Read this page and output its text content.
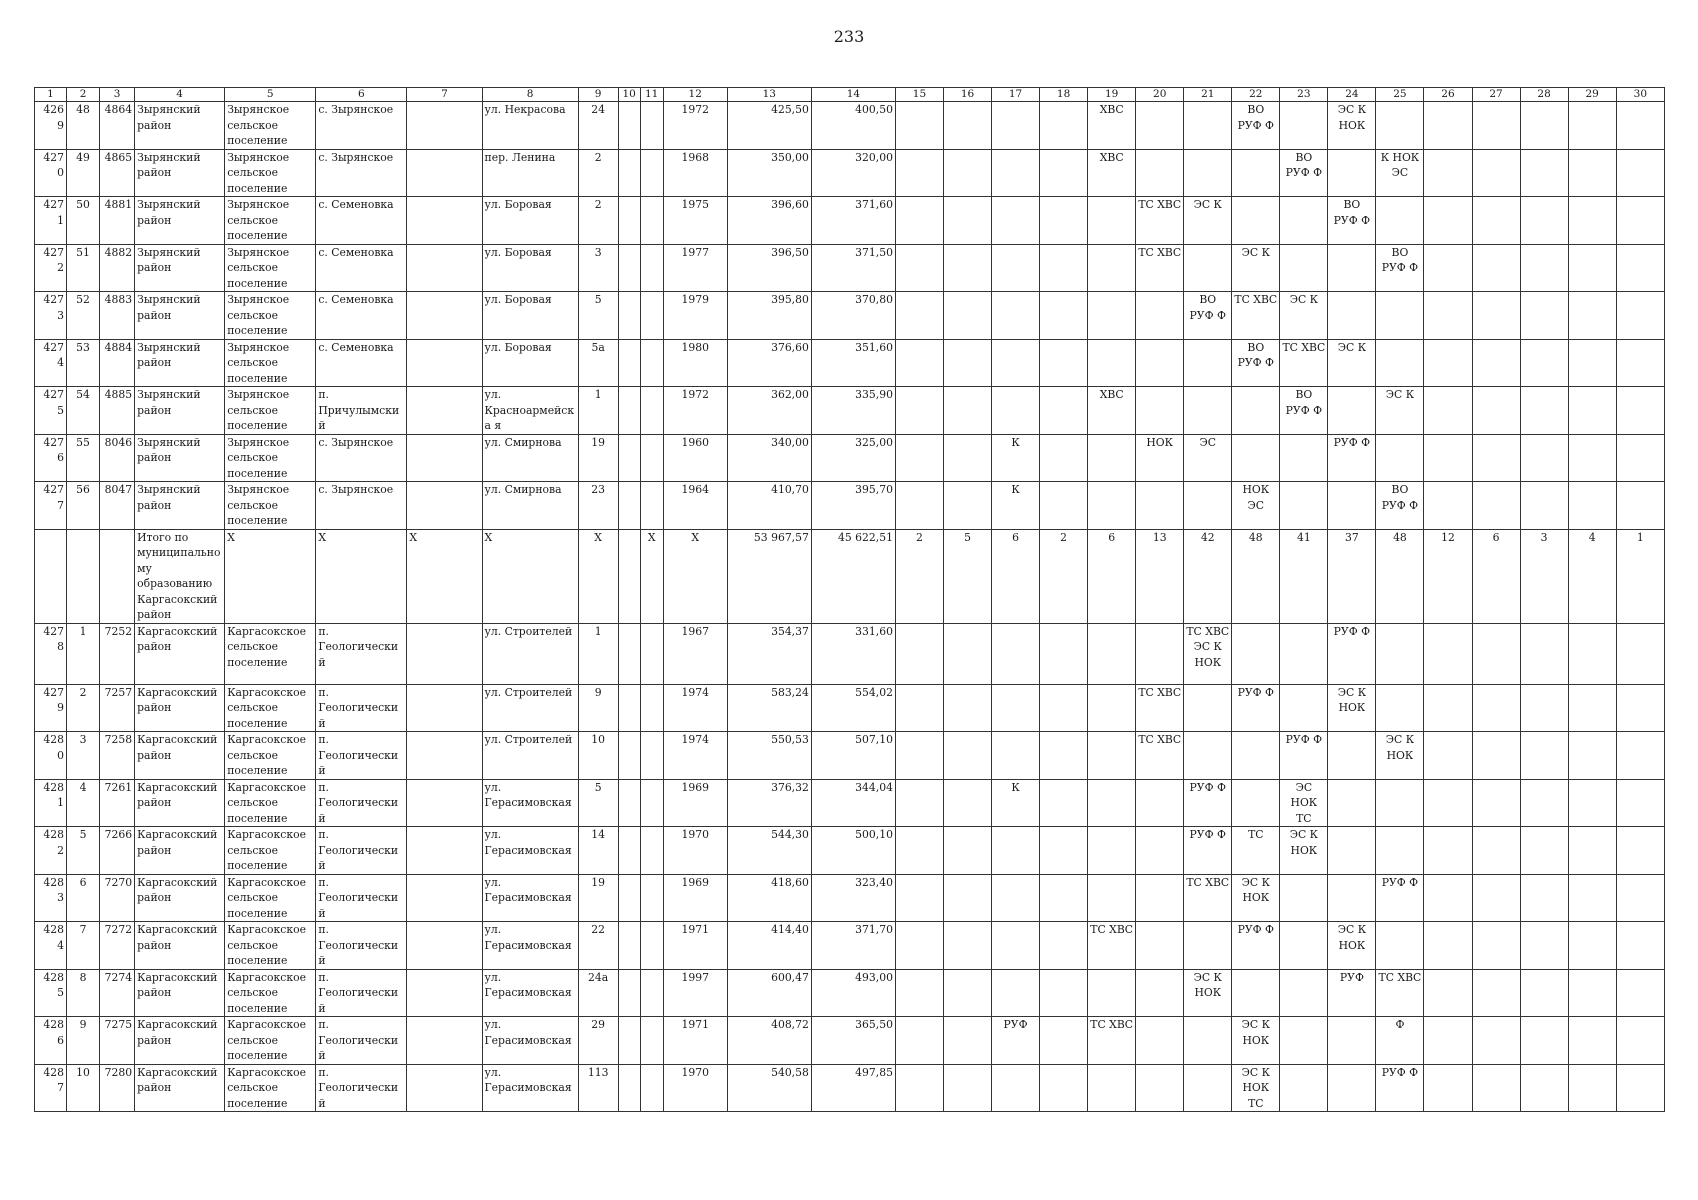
233
1	2	3	4	5	6	7	8	9	10	11	12	13	14	15	16	17	18	19	20	21	22	23	24	25	26	27	28	29	30
4269	48	4864	Зырянский район	Зырянское сельское поселение	с. Зырянское		ул. Некрасова	24			1972	425,50	400,50					ХВС			ВО РУФ Ф		ЭС К НОК						
4270	49	4865	Зырянский район	Зырянское сельское поселение	с. Зырянское		пер. Ленина	2			1968	350,00	320,00					ХВС				ВО РУФ Ф		К НОК ЭС					
4271	50	4881	Зырянский район	Зырянское сельское поселение	с. Семеновка		ул. Боровая	2			1975	396,60	371,60						ТС ХВС	ЭС К			ВО РУФ Ф						
4272	51	4882	Зырянский район	Зырянское сельское поселение	с. Семеновка		ул. Боровая	3			1977	396,50	371,50						ТС ХВС		ЭС К			ВО РУФ Ф					
4273	52	4883	Зырянский район	Зырянское сельское поселение	с. Семеновка		ул. Боровая	5			1979	395,80	370,80							ВО РУФ Ф	ТС ХВС	ЭС К							
4274	53	4884	Зырянский район	Зырянское сельское поселение	с. Семеновка		ул. Боровая	5а			1980	376,60	351,60								ВО РУФ Ф	ТС ХВС	ЭС К						
4275	54	4885	Зырянский район	Зырянское сельское поселение	п. Причулымский		ул. Красноармейска я	1			1972	362,00	335,90					ХВС				ВО РУФ Ф		ЭС К					
4276	55	8046	Зырянский район	Зырянское сельское поселение	с. Зырянское		ул. Смирнова	19			1960	340,00	325,00			К			НОК	ЭС			РУФ Ф						
4277	56	8047	Зырянский район	Зырянское сельское поселение	с. Зырянское		ул. Смирнова	23			1964	410,70	395,70			К					НОК ЭС			ВО РУФ Ф					
			Итого по муниципально му образованию Каргасокский район	Х	Х	Х	Х	Х		Х	Х	53 967,57	45 622,51	2	5	6	2	6	13	42	48	41	37	48	12	6	3	4	1
4278	1	7252	Каргасокский район	Каргасокское сельское поселение	п. Геологический		ул. Строителей	1			1967	354,37	331,60							ТС ХВС ЭС К НОК			РУФ Ф						
4279	2	7257	Каргасокский район	Каргасокское сельское поселение	п. Геологический		ул. Строителей	9			1974	583,24	554,02						ТС ХВС		РУФ Ф		ЭС К НОК						
4280	3	7258	Каргасокский район	Каргасокское сельское поселение	п. Геологический		ул. Строителей	10			1974	550,53	507,10						ТС ХВС			РУФ Ф		ЭС К НОК					
4281	4	7261	Каргасокский район	Каргасокское сельское поселение	п. Геологический		ул. Герасимовская	5			1969	376,32	344,04			К				РУФ Ф		ЭС НОК ТС							
4282	5	7266	Каргасокский район	Каргасокское сельское поселение	п. Геологический		ул. Герасимовская	14			1970	544,30	500,10							РУФ Ф	ТС	ЭС К НОК							
4283	6	7270	Каргасокский район	Каргасокское сельское поселение	п. Геологический		ул. Герасимовская	19			1969	418,60	323,40							ТС ХВС	ЭС К НОК			РУФ Ф					
4284	7	7272	Каргасокский район	Каргасокское сельское поселение	п. Геологический		ул. Герасимовская	22			1971	414,40	371,70					ТС ХВС			РУФ Ф		ЭС К НОК						
4285	8	7274	Каргасокский район	Каргасокское сельское поселение	п. Геологический		ул. Герасимовская	24а			1997	600,47	493,00							ЭС К НОК			РУФ	ТС ХВС					
4286	9	7275	Каргасокский район	Каргасокское сельское поселение	п. Геологический		ул. Герасимовская	29			1971	408,72	365,50			РУФ		ТС ХВС			ЭС К НОК			Ф					
4287	10	7280	Каргасокский район	Каргасокское сельское поселение	п. Геологический		ул. Герасимовская	113			1970	540,58	497,85								ЭС К НОК ТС			РУФ Ф					
